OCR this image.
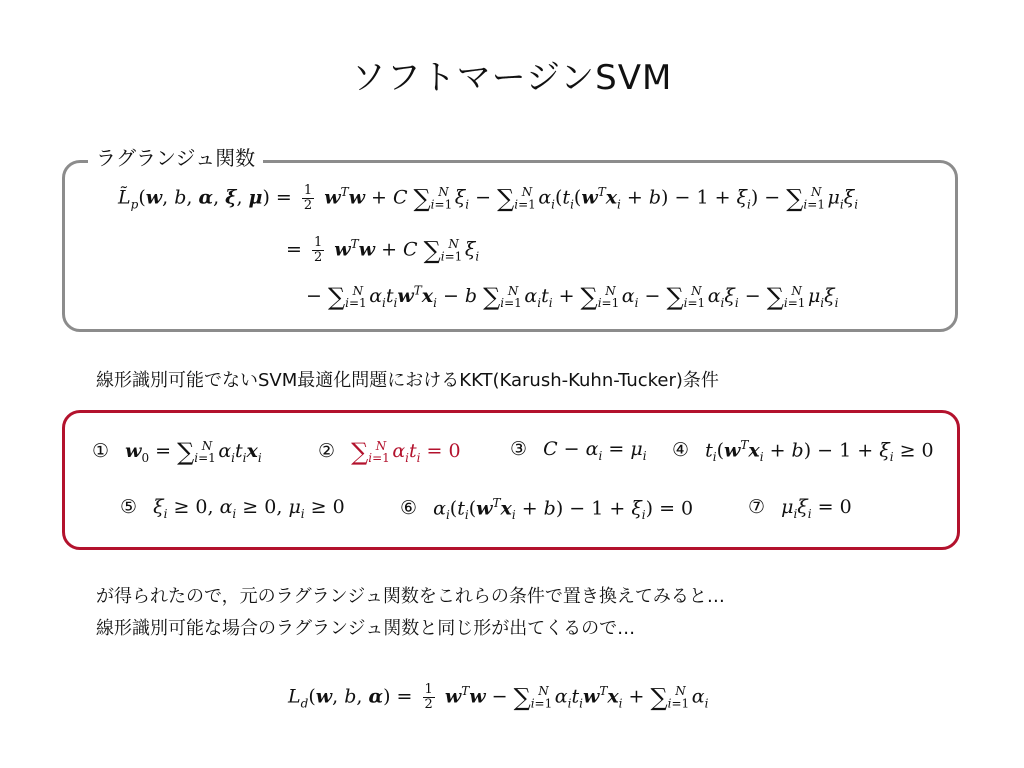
ソフトマージンSVM
ラグランジュ関数
$L̃_p(w$, b, α, ξ, $\mu) = \frac{1}{2} w^Tw + C$ $\sum_{i=1}^N$ $\xi_i - \sum_{i=1}^N$ $\alpha_i(t_i(w^Tx_i + b) - 1 + \xi_i) - \sum_{i=1}^N$ $\mu_i\xi_i$
= $\frac{1}{2} w^Tw + C$ $\sum_{i=1}^N$ $\xi_i$
− $\sum_{i=1}^N$ $\alpha_it_iw^Tx_i - b$ $\sum_{i=1}^N$ $\alpha_it_i + \sum_{i=1}^N$ $\alpha_i - \sum_{i=1}^N$ $\alpha_i\xi_i - \sum_{i=1}^N$ $\mu_i\xi_i$
線形識別可能でないSVM最適化問題におけるKKT(Karush-Kuhn-Tucker)条件
① $w_0 = \sum_{i=1}^N$ $\alpha_it_ix_i$	② $\sum_{i=1}^N$ $\alpha_it_i = 0$	③ $C - \alpha_i = \mu_i$ ④ $t_i(w^Tx_i + b) - 1 + \xi_i \ge 0$
⑤ $\xi_i \ge 0$, $\alpha_i \ge 0$, $\mu_i \ge 0$	⑥ $\alpha_i(t_i(w^Tx_i + b) - 1 + \xi_i) = 0$	⑦ $\mu_i\xi_i = 0$
が得られたので，元のラグランジュ関数をこれらの条件で置き換えてみると…
線形識別可能な場合のラグランジュ関数と同じ形が出てくるので…
$L_d(w$, b, $\alpha) = \frac{1}{2} w^Tw - \sum_{i=1}^N$ $\alpha_it_iw^Tx_i + \sum_{i=1}^N$ $\alpha_i$
